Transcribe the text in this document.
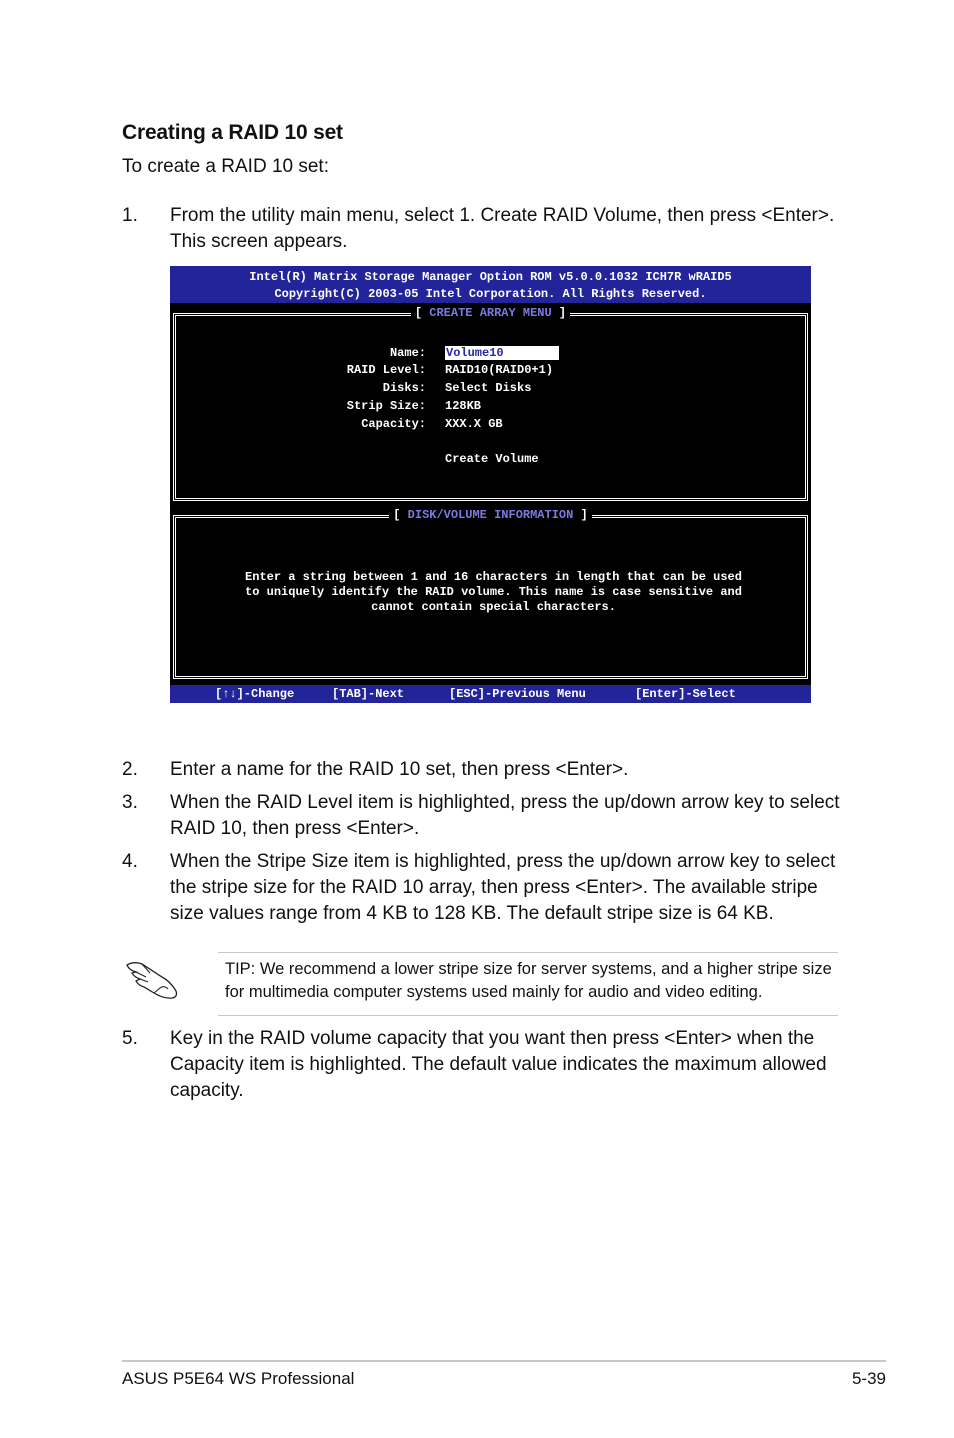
Creating a RAID 10 set
To create a RAID 10 set:
1. From the utility main menu, select 1. Create RAID Volume, then press <Enter>. This screen appears.
Intel(R) Matrix Storage Manager Option ROM v5.0.0.1032 ICH7R wRAID5
Copyright(C) 2003-05 Intel Corporation. All Rights Reserved.
[ CREATE ARRAY MENU ]
Name: Volume10
RAID Level: RAID10(RAID0+1)
Disks: Select Disks
Strip Size: 128KB
Capacity: XXX.X GB
Create Volume
[ DISK/VOLUME INFORMATION ]
Enter a string between 1 and 16 characters in length that can be used
to uniquely identify the RAID volume. This name is case sensitive and
cannot contain special characters.
[↑↓]-Change	[TAB]-Next	[ESC]-Previous Menu	[Enter]-Select
2. Enter a name for the RAID 10 set, then press <Enter>.
3. When the RAID Level item is highlighted, press the up/down arrow key to select RAID 10, then press <Enter>.
4. When the Stripe Size item is highlighted, press the up/down arrow key to select the stripe size for the RAID 10 array, then press <Enter>. The available stripe size values range from 4 KB to 128 KB. The default stripe size is 64 KB.
TIP: We recommend a lower stripe size for server systems, and a higher stripe size for multimedia computer systems used mainly for audio and video editing.
5. Key in the RAID volume capacity that you want then press <Enter> when the Capacity item is highlighted. The default value indicates the maximum allowed capacity.
ASUS P5E64 WS Professional	5-39
